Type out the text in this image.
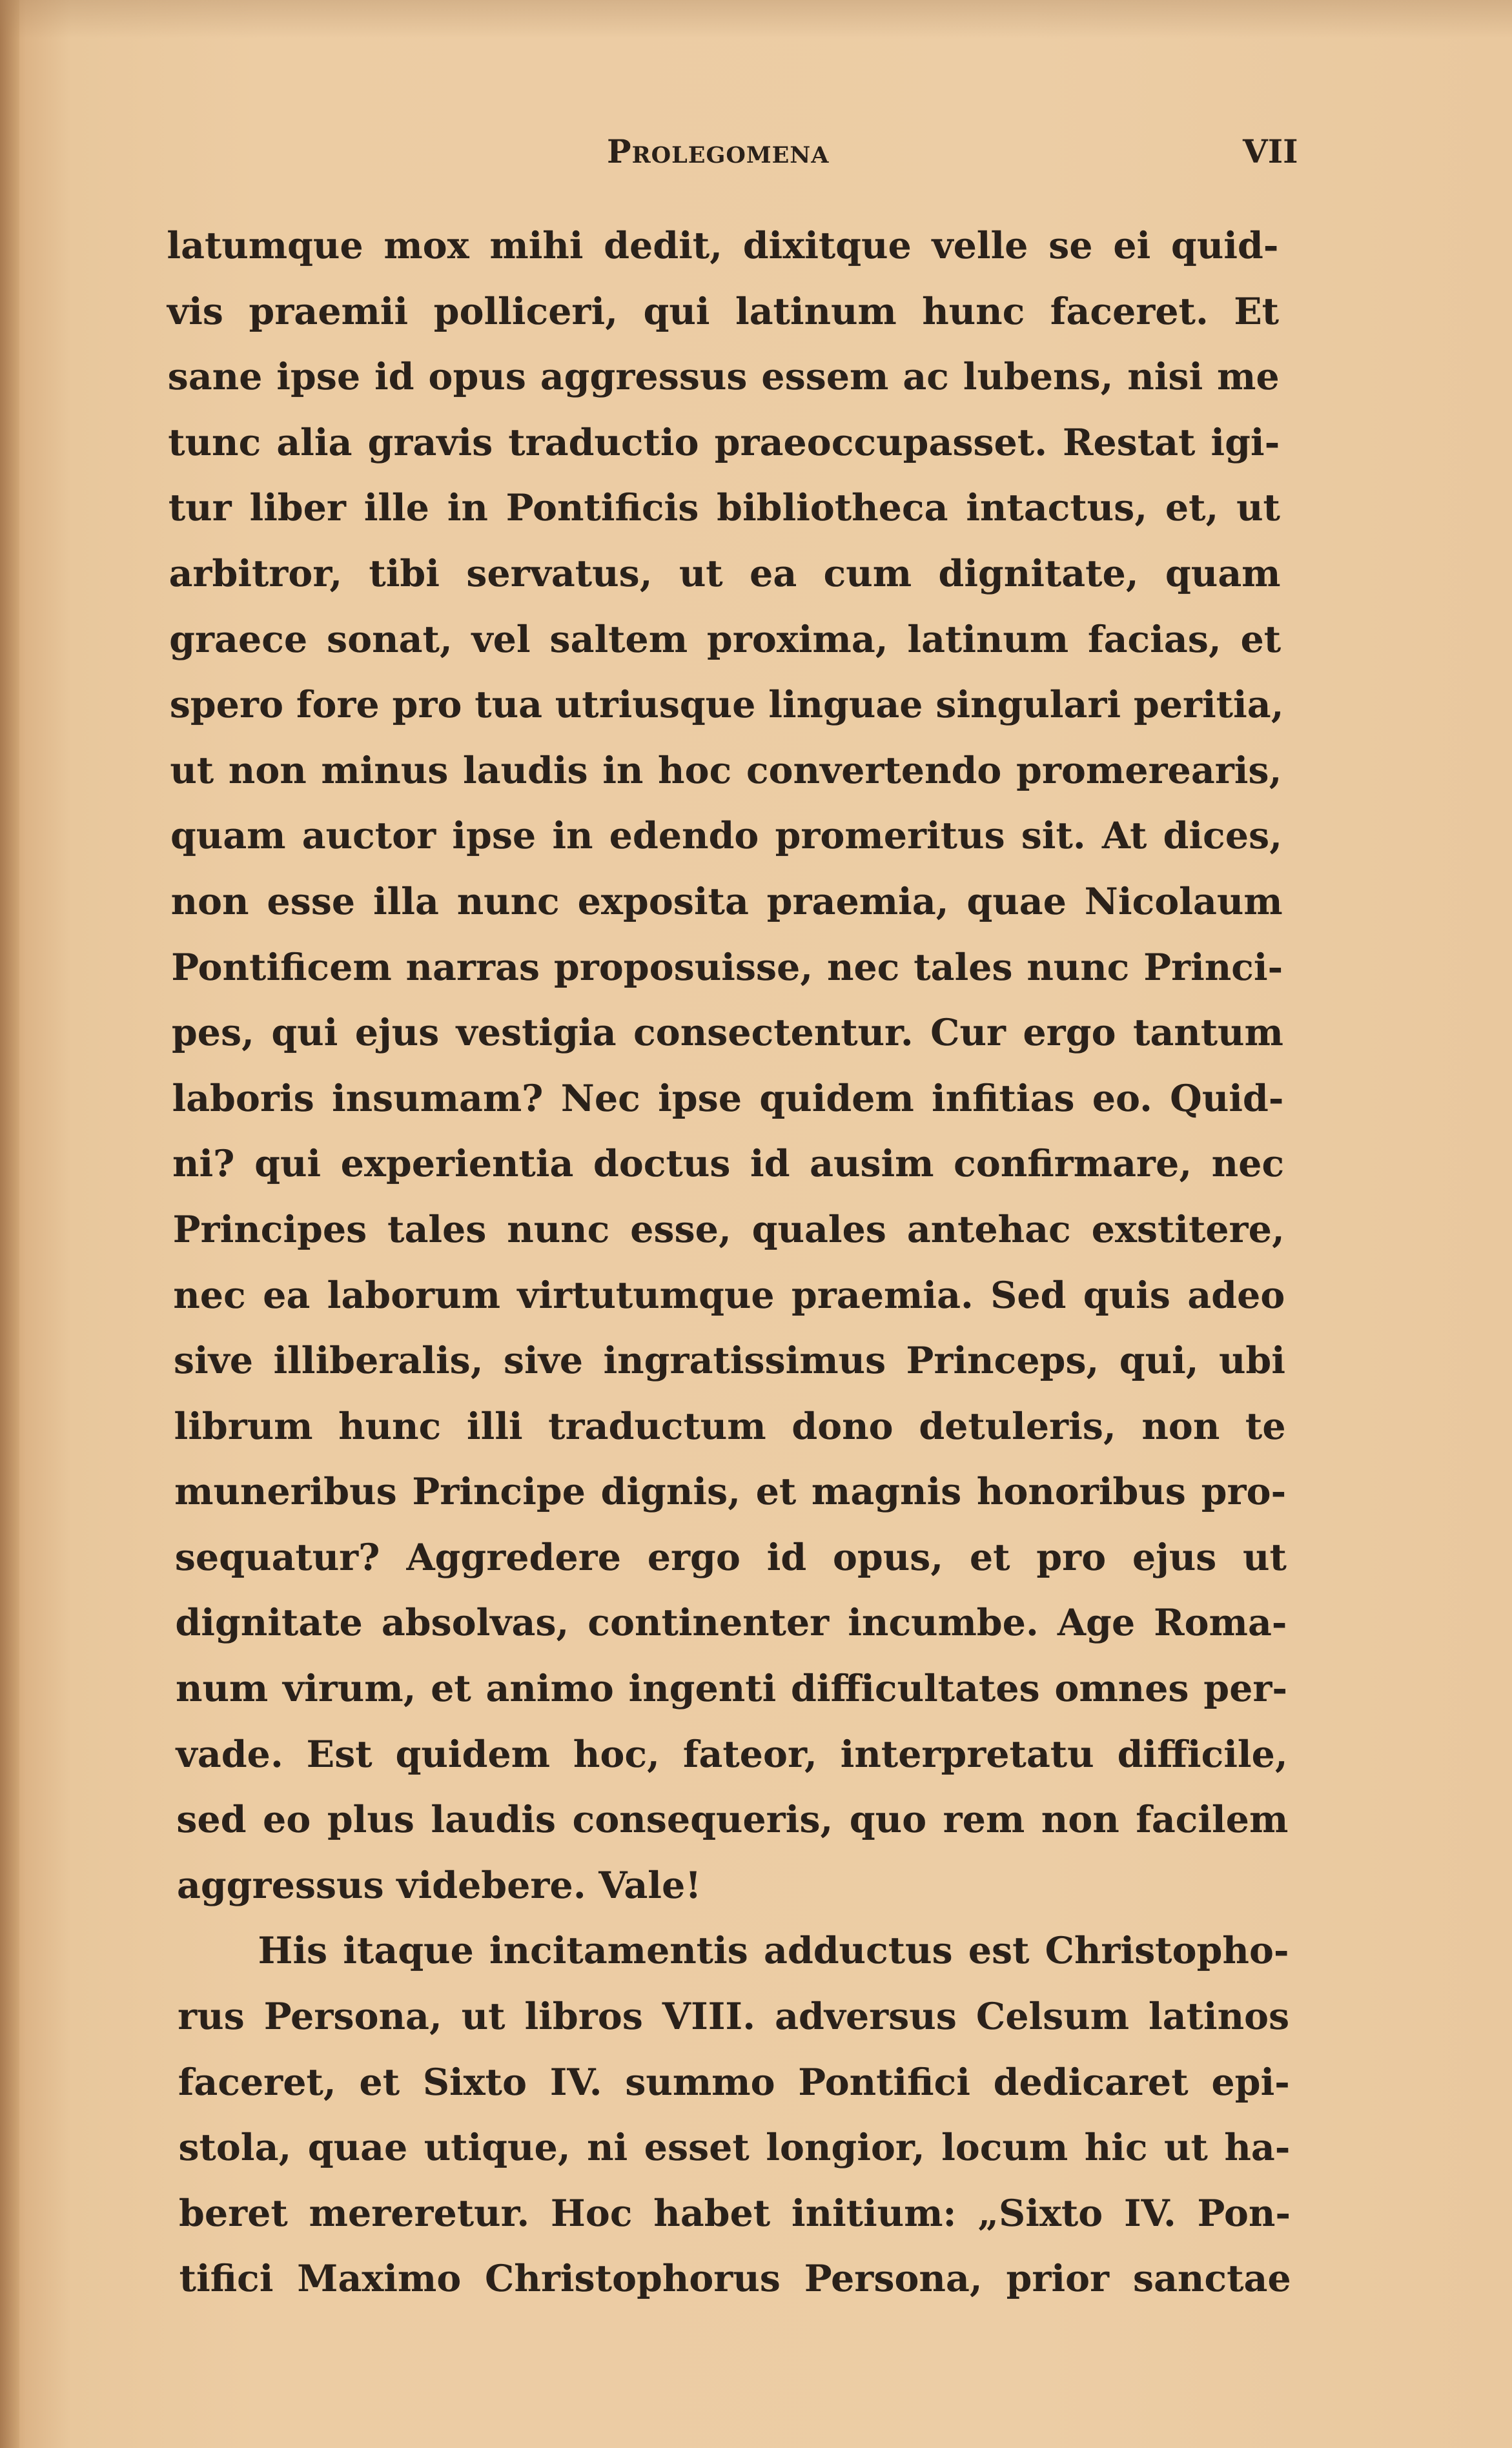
Prolegomena	VII
latumque mox mihi dedit, dixitque velle se ei quid-
vis praemii polliceri, qui latinum hunc faceret. Et
sane ipse id opus aggressus essem ac lubens, nisi me
tunc alia gravis traductio praeoccupasset. Restat igi-
tur liber ille in Pontificis bibliotheca intactus, et, ut
arbitror, tibi servatus, ut ea cum dignitate, quam
graece sonat, vel saltem proxima, latinum facias, et
spero fore pro tua utriusque linguae singulari peritia,
ut non minus laudis in hoc convertendo promerearis,
quam auctor ipse in edendo promeritus sit. At dices,
non esse illa nunc exposita praemia, quae Nicolaum
Pontificem narras proposuisse, nec tales nunc Princi-
pes, qui ejus vestigia consectentur. Cur ergo tantum
laboris insumam? Nec ipse quidem infitias eo. Quid-
ni? qui experientia doctus id ausim confirmare, nec
Principes tales nunc esse, quales antehac exstitere,
nec ea laborum virtutumque praemia. Sed quis adeo
sive illiberalis, sive ingratissimus Princeps, qui, ubi
librum hunc illi traductum dono detuleris, non te
muneribus Principe dignis, et magnis honoribus pro-
sequatur? Aggredere ergo id opus, et pro ejus ut
dignitate absolvas, continenter incumbe. Age Roma-
num virum, et animo ingenti difficultates omnes per-
vade. Est quidem hoc, fateor, interpretatu difficile,
sed eo plus laudis consequeris, quo rem non facilem
aggressus videbere. Vale!
His itaque incitamentis adductus est Christopho-
rus Persona, ut libros VIII. adversus Celsum latinos
faceret, et Sixto IV. summo Pontifici dedicaret epi-
stola, quae utique, ni esset longior, locum hic ut ha-
beret mereretur. Hoc habet initium: „Sixto IV. Pon-
tifici Maximo Christophorus Persona, prior sanctae
